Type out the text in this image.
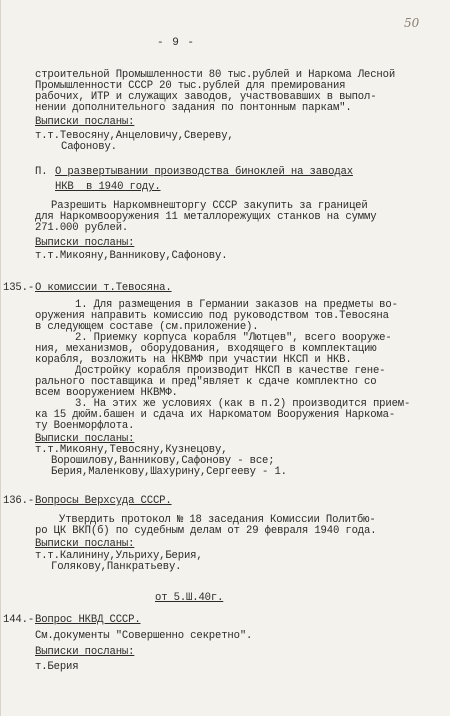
- 9 -
50
строительной Промышленности 80 тыс.рублей и Наркома Лесной
Промышленности СССР 20 тыс.рублей для премирования
рабочих, ИТР и служащих заводов, участвовавших в выпол-
нении дополнительного задания по понтонным паркам".
Выписки посланы:
т.т.Тевосяну,Анцеловичу,Свереву,
Сафонову.
П. О развертывании производства биноклей на заводах
НКВ  в 1940 году.
Разрешить Наркомвнешторгу СССР закупить за границей
для Наркомвооружения 11 металлорежущих станков на сумму
271.000 рублей.
Выписки посланы:
т.т.Микояну,Ванникову,Сафонову.
135.- О комиссии т.Тевосяна.
1. Для размещения в Германии заказов на предметы во-
оружения направить комиссию под руководством тов.Тевосяна
в следующем составе (см.приложение).
2. Приемку корпуса корабля "Лютцев", всего вооруже-
ния, механизмов, оборудования, входящего в комплектацию
корабля, возложить на НКВМФ при участии НКСП и НКВ.
Достройку корабля производит НКСП в качестве гене-
рального поставщика и пред"являет к сдаче комплектно со
всем вооружением НКВМФ.
3. На этих же условиях (как в п.2) производится прием-
ка 15 дюйм.башен и сдача их Наркоматом Вооружения Наркома-
ту Военморфлота.
Выписки посланы:
т.т.Микояну,Тевосяну,Кузнецову,
Ворошилову,Ванникову,Сафонову - все;
Берия,Маленкову,Шахурину,Сергееву - 1.
136.- Вопросы Верхсуда СССР.
Утвердить протокол № 18 заседания Комиссии Политбю-
ро ЦК ВКП(б) по судебным делам от 29 февраля 1940 года.
Выписки посланы:
т.т.Калинину,Ульриху,Берия,
Голякову,Панкратьеву.
от 5.Ш.40г.
144.- Вопрос НКВД СССР.
См.документы "Совершенно секретно".
Выписки посланы:
т.Берия
